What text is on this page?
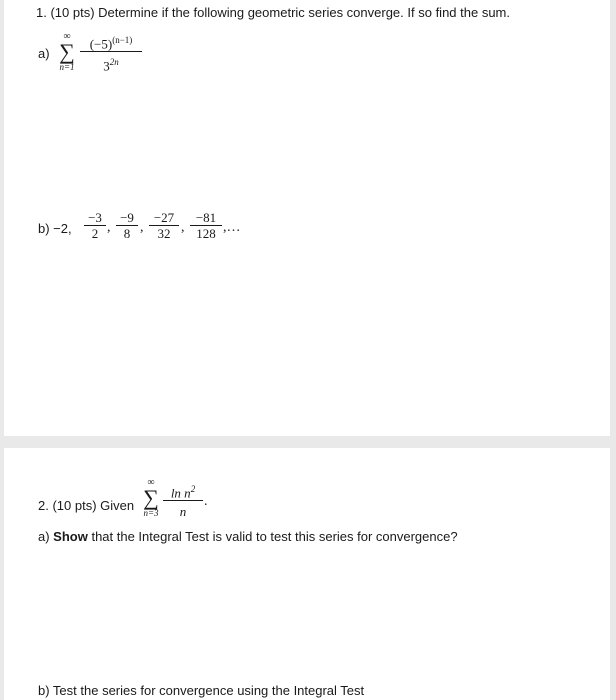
1. (10 pts) Determine if the following geometric series converge. If so find the sum.
a)
∞
∑
n=1
$(-5)^{(n-1)}$
$3^{2n}$
b) −2,
−3
2 ,
−9
8 ,
−27
32 ,
−81
128 ,…
2. (10 pts) Given
∞
∑
n=3
$\ln n^2$
n
.
a) Show that the Integral Test is valid to test this series for convergence?
b) Test the series for convergence using the Integral Test
